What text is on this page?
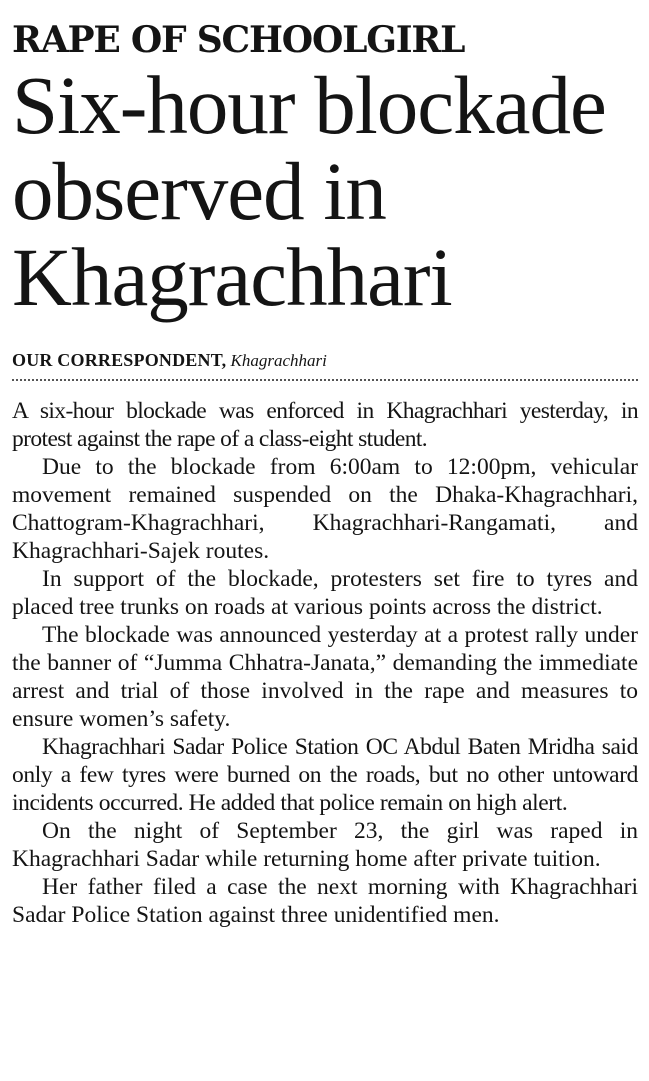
RAPE OF SCHOOLGIRL
Six-hour blockade
observed in
Khagrachhari
OUR CORRESPONDENT, Khagrachhari

A six-hour blockade was enforced in Khagrachhari yesterday, in protest against the rape of a class-eight student.

Due to the blockade from 6:00am to 12:00pm, vehicular movement remained suspended on the Dhaka-Khagrachhari, Chattogram-Khagrachhari, Khagrachhari-Rangamati, and Khagrachhari-Sajek routes.

In support of the blockade, protesters set fire to tyres and placed tree trunks on roads at various points across the district.

The blockade was announced yesterday at a protest rally under the banner of “Jumma Chhatra-Janata,” demanding the immediate arrest and trial of those involved in the rape and measures to ensure women’s safety.

Khagrachhari Sadar Police Station OC Abdul Baten Mridha said only a few tyres were burned on the roads, but no other untoward incidents occurred. He added that police remain on high alert.

On the night of September 23, the girl was raped in Khagrachhari Sadar while returning home after private tuition.

Her father filed a case the next morning with Khagrachhari Sadar Police Station against three unidentified men.
